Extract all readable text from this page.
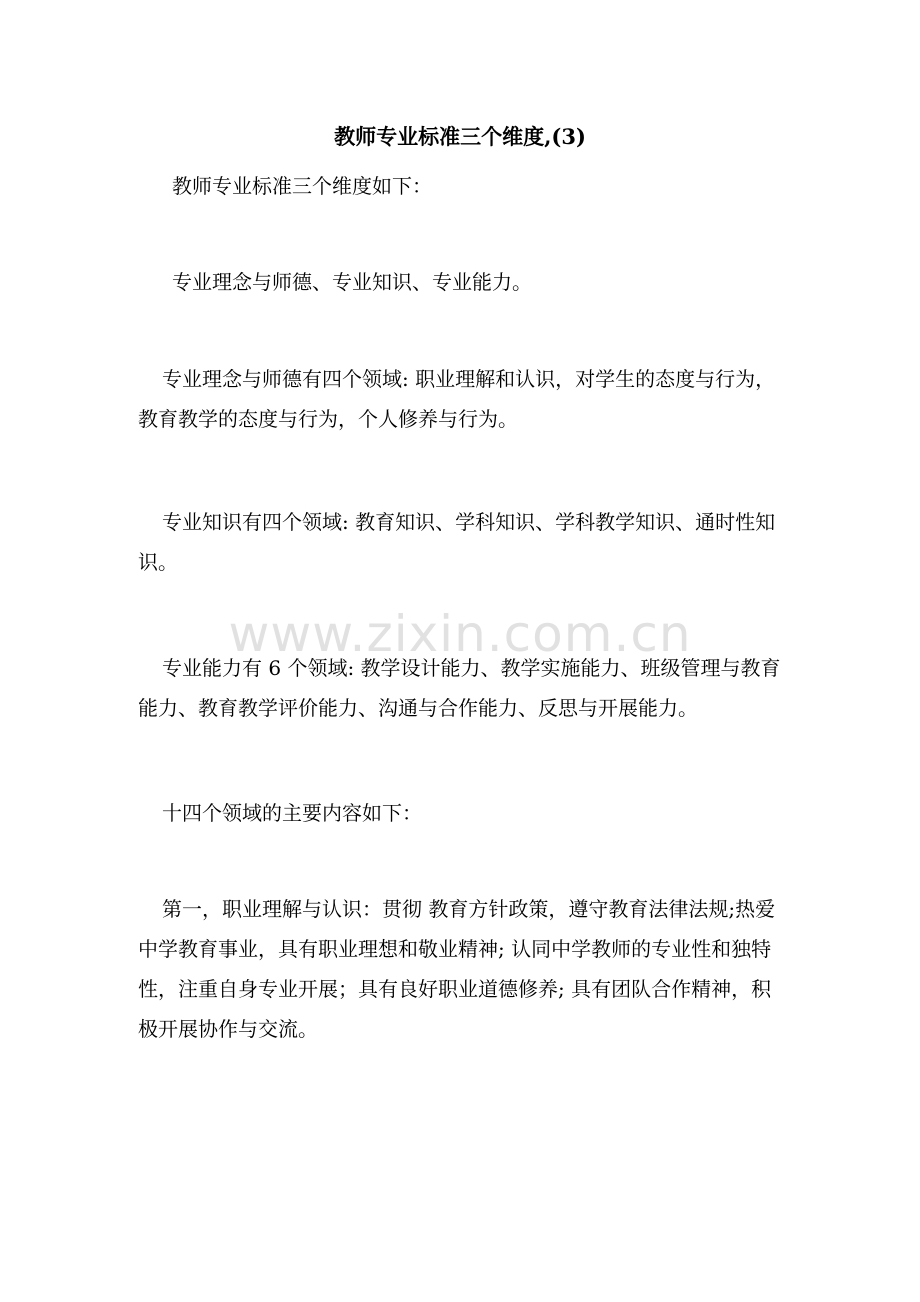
教师专业标准三个维度,(3)

教师专业标准三个维度如下：

专业理念与师德、专业知识、专业能力。

专业理念与师德有四个领域: 职业理解和认识，对学生的态度与行为，教育教学的态度与行为，个人修养与行为。

专业知识有四个领域: 教育知识、学科知识、学科教学知识、通时性知识。

专业能力有 6 个领域: 教学设计能力、教学实施能力、班级管理与教育能力、教育教学评价能力、沟通与合作能力、反思与开展能力。

十四个领域的主要内容如下：

第一，职业理解与认识：贯彻 教育方针政策，遵守教育法律法规;热爱中学教育事业，具有职业理想和敬业精神; 认同中学教师的专业性和独特性，注重自身专业开展；具有良好职业道德修养; 具有团队合作精神，积极开展协作与交流。

www.zixin.com.cn
